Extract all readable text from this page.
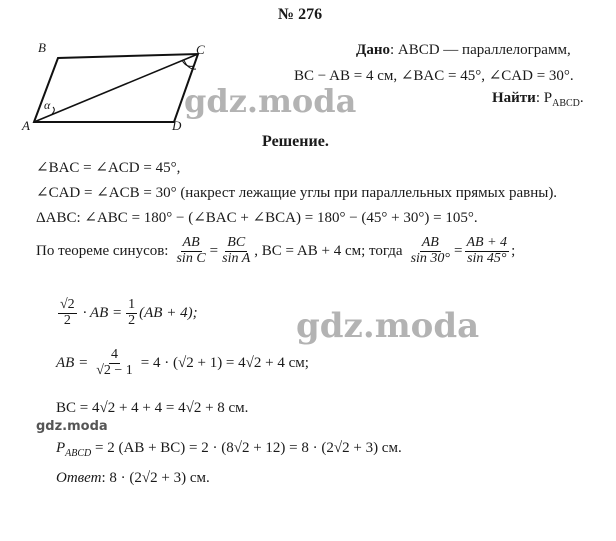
№ 276
B	C
A	D
α
Дано: ABCD — параллелограмм,
BC − AB = 4 см, ∠BAC = 45°, ∠CAD = 30°.
Найти: $P_{ABCD}$.
gdz.moda
Решение.
∠BAC = ∠ACD = 45°,
∠CAD = ∠ACB = 30° (накрест лежащие углы при параллельных прямых равны).
ΔABC: ∠ABC = 180° − (∠BAC + ∠BCA) = 180° − (45° + 30°) = 105°.
По теореме синусов: $\frac{AB}{\text{sin C}} = \frac{BC}{\text{sin A}}$ , BC = AB + 4 см; тогда $\frac{AB}{\sin 30^\circ} = \frac{AB + 4}{\sin 45^\circ}$ ;
$\frac{√2}{2}$ · AB = $\frac{1}{2} (AB + 4)$;	gdz.moda
AB = $\frac{4}{√2 - 1} = 4 \cdot (√2 + 1) = 4√2 + 4$ см;
BC = 4√2 + 4 + 4 = 4√2 + 8 см.
gdz.moda
$P_{ABCD} = 2$ (AB + BC) = 2 · (8√2 + 12) = 8 · (2√2 + 3) см.
Ответ: 8 · (2√2 + 3) см.
